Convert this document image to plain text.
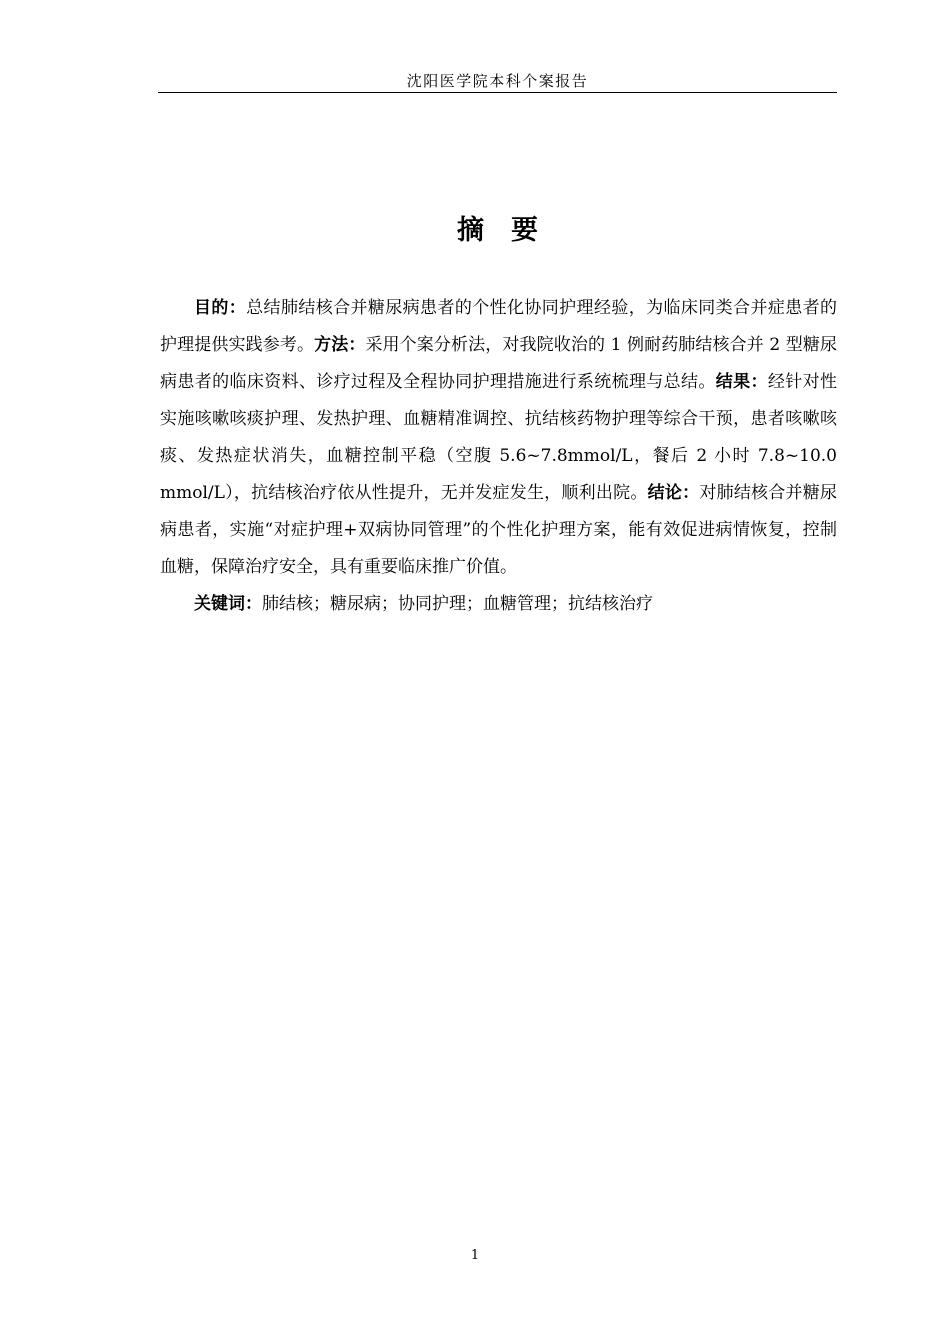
沈阳医学院本科个案报告
摘要

目的：总结肺结核合并糖尿病患者的个性化协同护理经验，为临床同类合并症患者的护理提供实践参考。方法：采用个案分析法，对我院收治的 1 例耐药肺结核合并 2 型糖尿病患者的临床资料、诊疗过程及全程协同护理措施进行系统梳理与总结。结果：经针对性实施咳嗽咳痰护理、发热护理、血糖精准调控、抗结核药物护理等综合干预，患者咳嗽咳痰、发热症状消失，血糖控制平稳（空腹 5.6~7.8mmol/L，餐后 2 小时 7.8~10.0 mmol/L），抗结核治疗依从性提升，无并发症发生，顺利出院。结论：对肺结核合并糖尿病患者，实施“对症护理+双病协同管理”的个性化护理方案，能有效促进病情恢复，控制血糖，保障治疗安全，具有重要临床推广价值。

关键词：肺结核；糖尿病；协同护理；血糖管理；抗结核治疗

1
